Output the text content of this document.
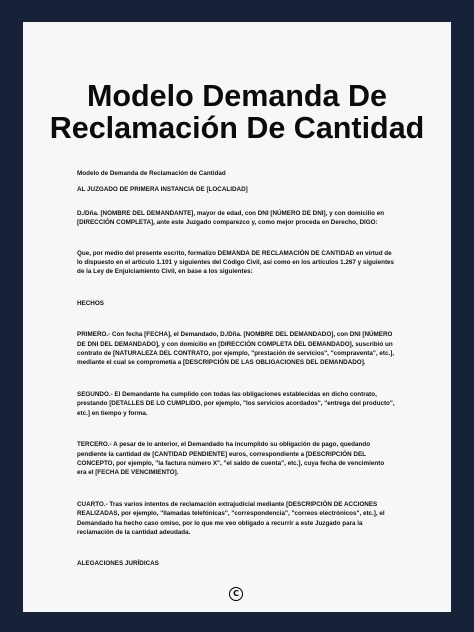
Modelo Demanda De
Reclamación De Cantidad

Modelo de Demanda de Reclamación de Cantidad

AL JUZGADO DE PRIMERA INSTANCIA DE [LOCALIDAD]

D./Dña. [NOMBRE DEL DEMANDANTE], mayor de edad, con DNI [NÚMERO DE DNI], y con domicilio en [DIRECCIÓN COMPLETA], ante este Juzgado comparezco y, como mejor proceda en Derecho, DIGO:

Que, por medio del presente escrito, formalizo DEMANDA DE RECLAMACIÓN DE CANTIDAD en virtud de lo dispuesto en el artículo 1.101 y siguientes del Código Civil, así como en los artículos 1.267 y siguientes de la Ley de Enjuiciamiento Civil, en base a los siguientes:

HECHOS

PRIMERO.- Con fecha [FECHA], el Demandado, D./Dña. [NOMBRE DEL DEMANDADO], con DNI [NÚMERO DE DNI DEL DEMANDADO], y con domicilio en [DIRECCIÓN COMPLETA DEL DEMANDADO], suscribió un contrato de [NATURALEZA DEL CONTRATO, por ejemplo, "prestación de servicios", "compraventa", etc.], mediante el cual se comprometía a [DESCRIPCIÓN DE LAS OBLIGACIONES DEL DEMANDADO].

SEGUNDO.- El Demandante ha cumplido con todas las obligaciones establecidas en dicho contrato, prestando [DETALLES DE LO CUMPLIDO, por ejemplo, "los servicios acordados", "entrega del producto", etc.] en tiempo y forma.

TERCERO.- A pesar de lo anterior, el Demandado ha incumplido su obligación de pago, quedando pendiente la cantidad de [CANTIDAD PENDIENTE] euros, correspondiente a [DESCRIPCIÓN DEL CONCEPTO, por ejemplo, "la factura número X", "el saldo de cuenta", etc.], cuya fecha de vencimiento era el [FECHA DE VENCIMIENTO].

CUARTO.- Tras varios intentos de reclamación extrajudicial mediante [DESCRIPCIÓN DE ACCIONES REALIZADAS, por ejemplo, "llamadas telefónicas", "correspondencia", "correos electrónicos", etc.], el Demandado ha hecho caso omiso, por lo que me veo obligado a recurrir a este Juzgado para la reclamación de la cantidad adeudada.

ALEGACIONES JURÍDICAS

C
